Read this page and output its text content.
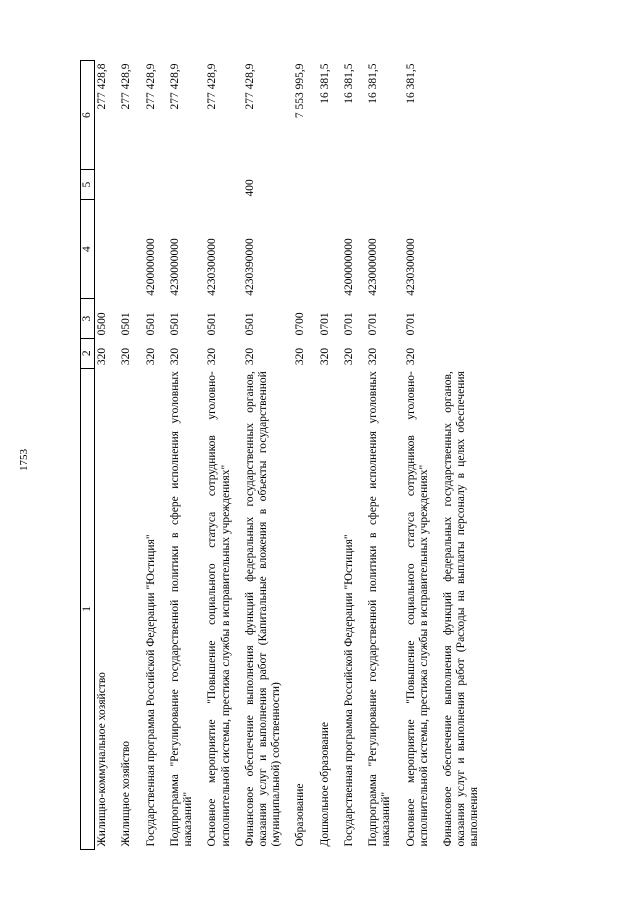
1753
1	2	3	4	5	6
Жилищно-коммунальное хозяйство	320	0500			277 428,8
Жилищное хозяйство	320	0501			277 428,9
Государственная программа Российской Федерации "Юстиция"	320	0501	4200000000		277 428,9
Подпрограмма "Регулирование государственной политики в сфере исполнения уголовных наказаний"	320	0501	4230000000		277 428,9
Основное мероприятие "Повышение социального статуса сотрудников уголовно-исполнительной системы, престижа службы в исправительных учреждениях"	320	0501	4230300000		277 428,9
Финансовое обеспечение выполнения функций федеральных государственных органов, оказания услуг и выполнения работ (Капитальные вложения в объекты государственной (муниципальной) собственности)	320	0501	4230390000	400	277 428,9
Образование	320	0700			7 553 995,9
Дошкольное образование	320	0701			16 381,5
Государственная программа Российской Федерации "Юстиция"	320	0701	4200000000		16 381,5
Подпрограмма "Регулирование государственной политики в сфере исполнения уголовных наказаний"	320	0701	4230000000		16 381,5
Основное мероприятие "Повышение социального статуса сотрудников уголовно-исполнительной системы, престижа службы в исправительных учреждениях"	320	0701	4230300000		16 381,5
Финансовое обеспечение выполнения функций федеральных государственных органов, оказания услуг и выполнения работ (Расходы на выплаты персоналу в целях обеспечения выполнения					
